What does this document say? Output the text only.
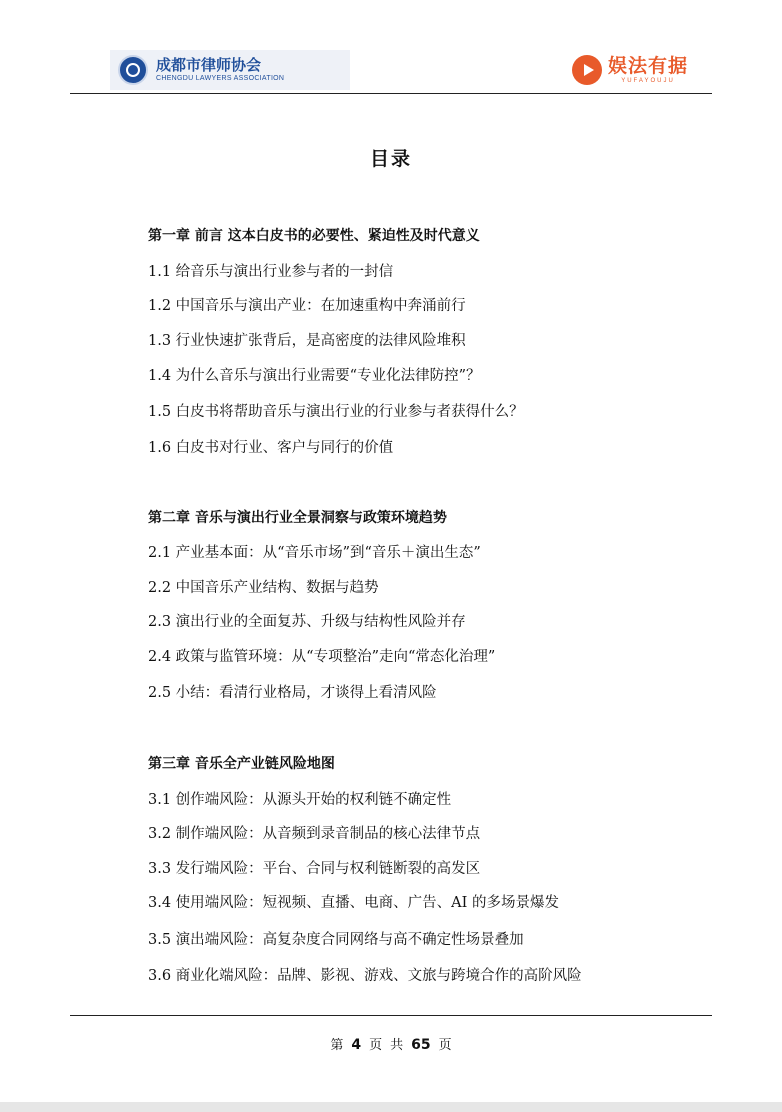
成都市律师协会
CHENGDU LAWYERS ASSOCIATION
娱法有据
YUFAYOUJU
目录
第一章 前言 这本白皮书的必要性、紧迫性及时代意义
1.1 给音乐与演出行业参与者的一封信
1.2 中国音乐与演出产业：在加速重构中奔涌前行
1.3 行业快速扩张背后，是高密度的法律风险堆积
1.4 为什么音乐与演出行业需要“专业化法律防控”？
1.5 白皮书将帮助音乐与演出行业的行业参与者获得什么？
1.6 白皮书对行业、客户与同行的价值
第二章 音乐与演出行业全景洞察与政策环境趋势
2.1 产业基本面：从“音乐市场”到“音乐＋演出生态”
2.2 中国音乐产业结构、数据与趋势
2.3 演出行业的全面复苏、升级与结构性风险并存
2.4 政策与监管环境：从“专项整治”走向“常态化治理”
2.5 小结：看清行业格局，才谈得上看清风险
第三章 音乐全产业链风险地图
3.1 创作端风险：从源头开始的权利链不确定性
3.2 制作端风险：从音频到录音制品的核心法律节点
3.3 发行端风险：平台、合同与权利链断裂的高发区
3.4 使用端风险：短视频、直播、电商、广告、AI 的多场景爆发
3.5 演出端风险：高复杂度合同网络与高不确定性场景叠加
3.6 商业化端风险：品牌、影视、游戏、文旅与跨境合作的高阶风险
第 4 页 共 65 页
